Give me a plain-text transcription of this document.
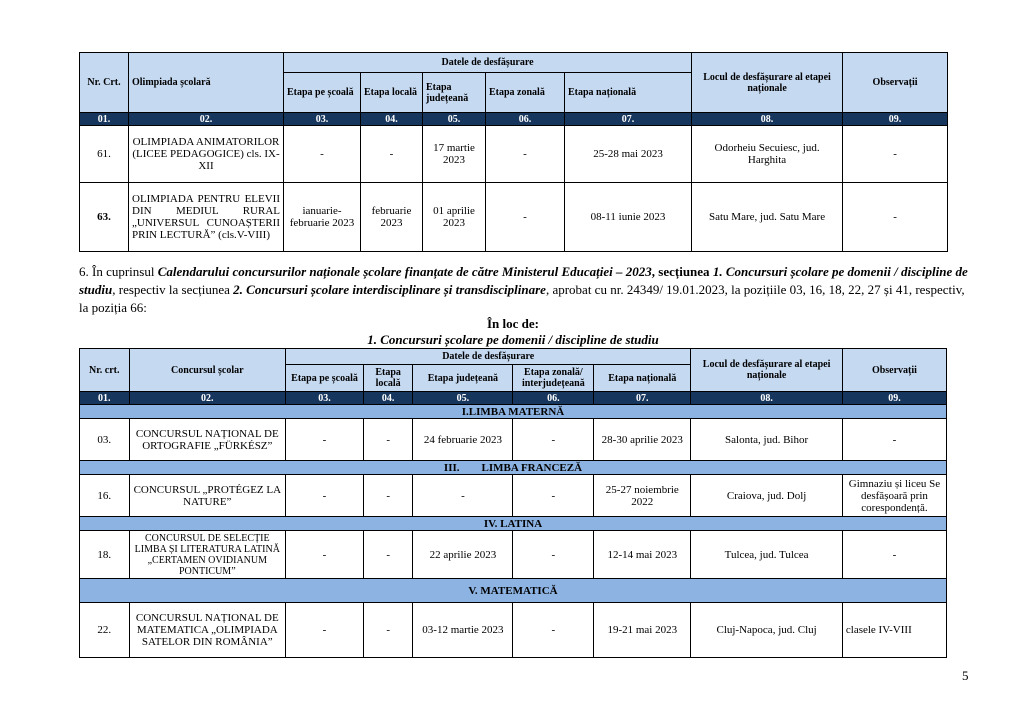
Nr. Crt.	Olimpiada școlară	Datele de desfășurare					Locul de desfășurare al etapei naționale	Observații
		Etapa pe școală	Etapa locală	Etapa județeană	Etapa zonală	Etapa națională		
01.	02.	03.	04.	05.	06.	07.	08.	09.
61.	OLIMPIADA ANIMATORILOR (LICEE PEDAGOGICE) cls. IX-XII	-	-	17 martie 2023	-	25-28 mai 2023	Odorheiu Secuiesc, jud. Harghita	-
63.	OLIMPIADA PENTRU ELEVII DIN MEDIUL RURAL „UNIVERSUL CUNOAȘTERII PRIN LECTURĂ” (cls.V-VIII)	ianuarie-februarie 2023	februarie 2023	01 aprilie 2023	-	08-11 iunie 2023	Satu Mare, jud. Satu Mare	-

6. În cuprinsul Calendarului concursurilor naționale școlare finanțate de către Ministerul Educației – 2023, secțiunea 1. Concursuri școlare pe domenii / discipline de studiu, respectiv la secțiunea 2. Concursuri școlare interdisciplinare și transdisciplinare, aprobat cu nr. 24349/ 19.01.2023, la pozițiile 03, 16, 18, 22, 27 și 41, respectiv, la poziția 66:

În loc de:
1. Concursuri școlare pe domenii / discipline de studiu
Nr. crt.	Concursul școlar	Datele de desfășurare					Locul de desfășurare al etapei naționale	Observații
		Etapa pe școală	Etapa locală	Etapa județeană	Etapa zonală/ interjudețeană	Etapa națională		
01.	02.	03.	04.	05.	06.	07.	08.	09.
I.LIMBA MATERNĂ								
03.	CONCURSUL NAȚIONAL DE ORTOGRAFIE „FÜRKÉSZ”	-	-	24 februarie 2023	-	28-30 aprilie 2023	Salonta, jud. Bihor	-
III.        LIMBA FRANCEZĂ								
16.	CONCURSUL „PROTÉGEZ LA NATURE”	-	-	-	-	25-27 noiembrie 2022	Craiova, jud. Dolj	Gimnaziu și liceu Se desfășoară prin corespondență.
IV. LATINA								
18.	CONCURSUL DE SELECȚIE LIMBA ȘI LITERATURA LATINĂ „CERTAMEN OVIDIANUM PONTICUM”	-	-	22 aprilie 2023	-	12-14 mai 2023	Tulcea, jud. Tulcea	-
V. MATEMATICĂ								
22.	CONCURSUL NAȚIONAL DE MATEMATICA „OLIMPIADA SATELOR DIN ROMÂNIA”	-	-	03-12 martie 2023	-	19-21 mai 2023	Cluj-Napoca, jud. Cluj	clasele IV-VIII
5
